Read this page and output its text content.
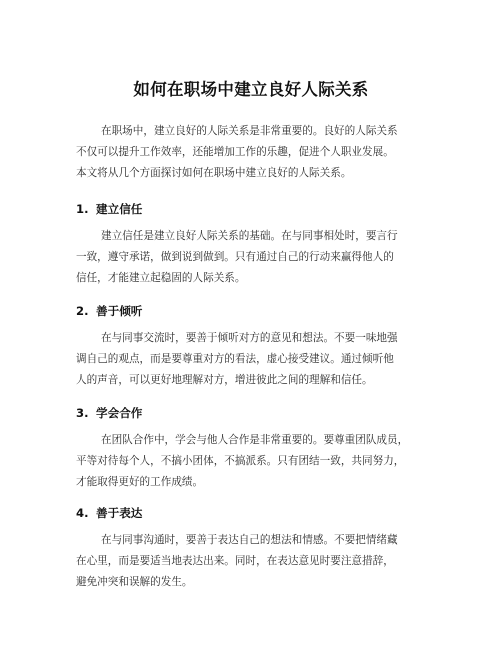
如何在职场中建立良好人际关系
在职场中，建立良好的人际关系是非常重要的。良好的人际关系
不仅可以提升工作效率，还能增加工作的乐趣，促进个人职业发展。
本文将从几个方面探讨如何在职场中建立良好的人际关系。
1. 建立信任
建立信任是建立良好人际关系的基础。在与同事相处时，要言行
一致，遵守承诺，做到说到做到。只有通过自己的行动来赢得他人的
信任，才能建立起稳固的人际关系。
2. 善于倾听
在与同事交流时，要善于倾听对方的意见和想法。不要一味地强
调自己的观点，而是要尊重对方的看法，虚心接受建议。通过倾听他
人的声音，可以更好地理解对方，增进彼此之间的理解和信任。
3. 学会合作
在团队合作中，学会与他人合作是非常重要的。要尊重团队成员，
平等对待每个人，不搞小团体，不搞派系。只有团结一致，共同努力，
才能取得更好的工作成绩。
4. 善于表达
在与同事沟通时，要善于表达自己的想法和情感。不要把情绪藏
在心里，而是要适当地表达出来。同时，在表达意见时要注意措辞，
避免冲突和误解的发生。
